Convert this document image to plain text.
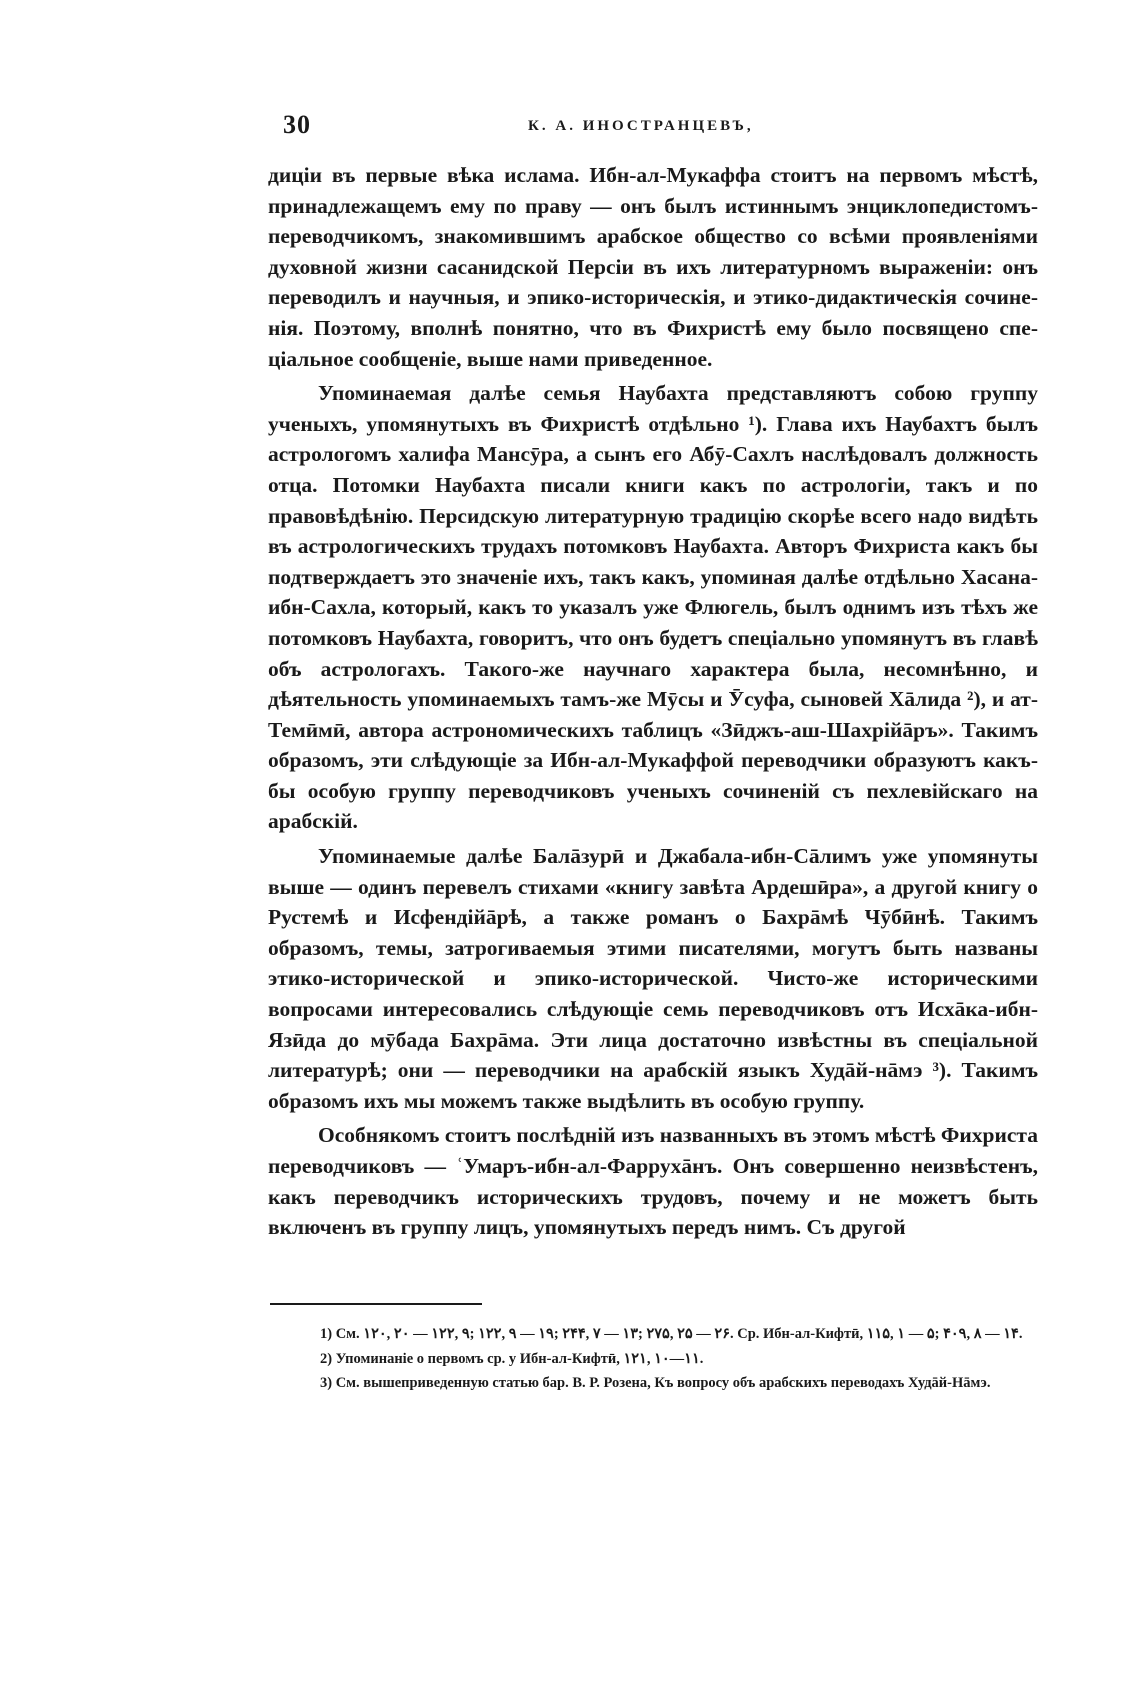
30	К. А. ИНОСТРАНЦЕВЪ,

диціи въ первые вѣка ислама. Ибн-ал-Мукаффа стоитъ на первомъ мѣстѣ, принадлежащемъ ему по праву — онъ былъ истиннымъ энциклопедистомъ-переводчикомъ, знакомившимъ арабское общество со всѣми проявленіями духовной жизни сасанидской Персіи въ ихъ литературномъ выраженіи: онъ переводилъ и научныя, и эпико-историческія, и этико-дидактическія сочиненія. Поэтому, вполнѣ понятно, что въ Фихристѣ ему было посвящено спеціальное сообщеніе, выше нами приведенное.

Упоминаемая далѣе семья Наубахта представляютъ собою группу ученыхъ, упомянутыхъ въ Фихристѣ отдѣльно ¹). Глава ихъ Наубахтъ былъ астрологомъ халифа Мансӯра, а сынъ его Абӯ-Сахлъ наслѣдовалъ должность отца. Потомки Наубахта писали книги какъ по астрологіи, такъ и по правовѣдѣнію. Персидскую литературную традицію скорѣе всего надо видѣть въ астрологическихъ трудахъ потомковъ Наубахта. Авторъ Фихриста какъ бы подтверждаетъ это значеніе ихъ, такъ какъ, упоминая далѣе отдѣльно Хасана-ибн-Сахла, который, какъ то указалъ уже Флюгель, былъ однимъ изъ тѣхъ же потомковъ Наубахта, говоритъ, что онъ будетъ спеціально упомянутъ въ главѣ объ астрологахъ. Такого-же научнаго характера была, несомнѣнно, и дѣятельность упоминаемыхъ тамъ-же Мӯсы и Ӯсуфа, сыновей Хāлида ²), и ат-Темӣмӣ, автора астрономическихъ таблицъ «Зӣджъ-аш-Шахрійāръ». Такимъ образомъ, эти слѣдующіе за Ибн-ал-Мукаффой переводчики образуютъ какъ-бы особую группу переводчиковъ ученыхъ сочиненій съ пехлевійскаго на арабскій.

Упоминаемые далѣе Балāзурӣ и Джабала-ибн-Сāлимъ уже упомянуты выше — одинъ перевелъ стихами «книгу завѣта Ардешӣра», а другой книгу о Рустемѣ и Исфендійāрѣ, а также романъ о Бахрāмѣ Чӯбӣнѣ. Такимъ образомъ, темы, затрогиваемыя этими писателями, могутъ быть названы этико-исторической и эпико-исторической. Чисто-же историческими вопросами интересовались слѣдующіе семь переводчиковъ отъ Исхāка-ибн-Язӣда до мӯбада Бахрāма. Эти лица достаточно извѣстны въ спеціальной литературѣ; они — переводчики на арабскій языкъ Худāй-нāмэ ³). Такимъ образомъ ихъ мы можемъ также выдѣлить въ особую группу.

Особнякомъ стоитъ послѣдній изъ названныхъ въ этомъ мѣстѣ Фихриста переводчиковъ — ʿУмаръ-ибн-ал-Фаррухāнъ. Онъ совершенно неизвѣстенъ, какъ переводчикъ историческихъ трудовъ, почему и не можетъ быть включенъ въ группу лицъ, упомянутыхъ передъ нимъ. Съ другой

1) См. ۱۲۰, ۲۰ — ۱۲۲, ۹; ۱۲۲, ۹ — ۱۹; ۲۴۴, ۷ — ۱۳; ۲۷۵, ۲۵ — ۲۶. Ср. Ибн-ал-Кифтӣ, ۱۱۵, ۱ — ۵; ۴۰۹, ۸ — ۱۴.

2) Упоминаніе о первомъ ср. у Ибн-ал-Кифтӣ, ۱۲۱, ۱۰—۱۱.

3) См. вышеприведенную статью бар. В. Р. Розена, Къ вопросу объ арабскихъ переводахъ Худāй-Нāмэ.
